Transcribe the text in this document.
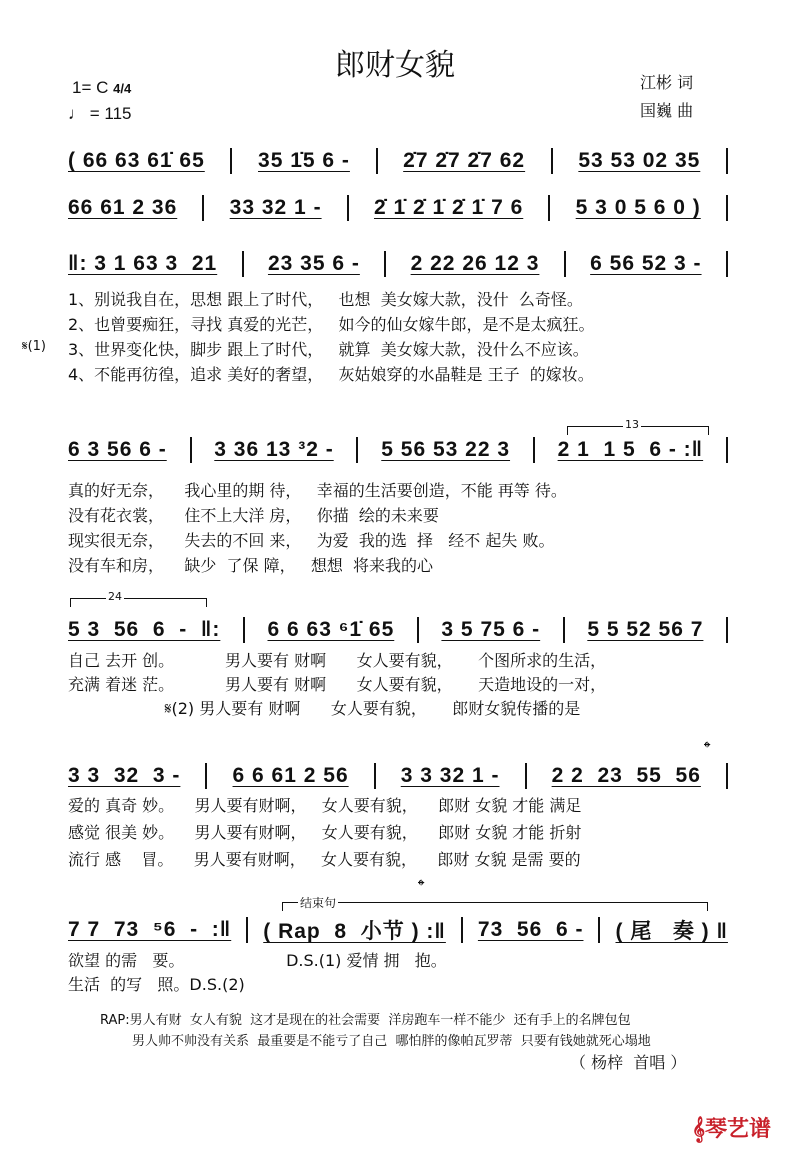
郎财女貌
1= C 4/4
♩ = 115
江彬 词
国巍 曲
( 66 63 61̇ 65	35 1̇5 6 -	2̇7 2̇7 2̇7 62	53 53 02 35
66 61 2 36 33 32 1 - 2̇ 1̇ 2̇ 1̇ 2̇ 1̇ 7 6 5 3 0 5 6 0 )
‖: 3 1 63 3  21 23 35 6 - 2 22 26 12 3 6 56 52 3 -
1、别说我自在，思想 跟上了时代，   也想  美女嫁大款，没什  么奇怪。
2、也曾要痴狂，寻找 真爱的光芒，   如今的仙女嫁牛郎，是不是太疯狂。
3、世界变化快，脚步 跟上了时代，   就算  美女嫁大款，没什么不应该。
4、不能再彷徨，追求 美好的奢望，   灰姑娘穿的水晶鞋是 王子  的嫁妆。
6 3 56 6 - 3 36 13 ³2 - 5 56 53 22 3 2 1  1 5  6 - :‖
真的好无奈，    我心里的期 待，   幸福的生活要创造，不能 再等 待。
没有花衣裳，    住不上大洋 房，   你描  绘的未来要
现实很无奈，    失去的不回 来，   为爱  我的选  择   经不 起失 败。
没有车和房，    缺少  了保 障，   想想  将来我的心
5 3  56  6  -  ‖: 6 6 63 ⁶1̇ 65 3 5 75 6 - 5 5 52 56 7
自己 去开 创。          男人要有 财啊      女人要有貌，     个图所求的生活，
充满 着迷 茫。          男人要有 财啊      女人要有貌，     天造地设的一对，
𝄋(2) 男人要有 财啊      女人要有貌，     郎财女貌传播的是
3 3  32  3 - 6 6 61 2 56 3 3 32 1 - 2 2  23  55  56
爱的 真奇 妙。    男人要有财啊，   女人要有貌，    郎财 女貌 才能 满足
感觉 很美 妙。    男人要有财啊，   女人要有貌，    郎财 女貌 才能 折射
流行 感    冒。    男人要有财啊，   女人要有貌，    郎财 女貌 是需 要的
7 7  73  ⁵6  -  :‖ ( Rap  8  小节 ) :‖ 73  56  6 - ( 尾   奏 ) ‖
欲望 的需   要。                    D.S.(1) 爱情 拥   抱。
生活  的写   照。D.S.(2)
𝄋(1)
13
24
𝄌
𝄌
结束句
RAP:男人有财  女人有貌  这才是现在的社会需要  洋房跑车一样不能少  还有手上的名牌包包
男人帅不帅没有关系  最重要是不能亏了自己  哪怕胖的像帕瓦罗蒂  只要有钱她就死心塌地
（ 杨梓  首唱 ）
𝄞琴艺谱
